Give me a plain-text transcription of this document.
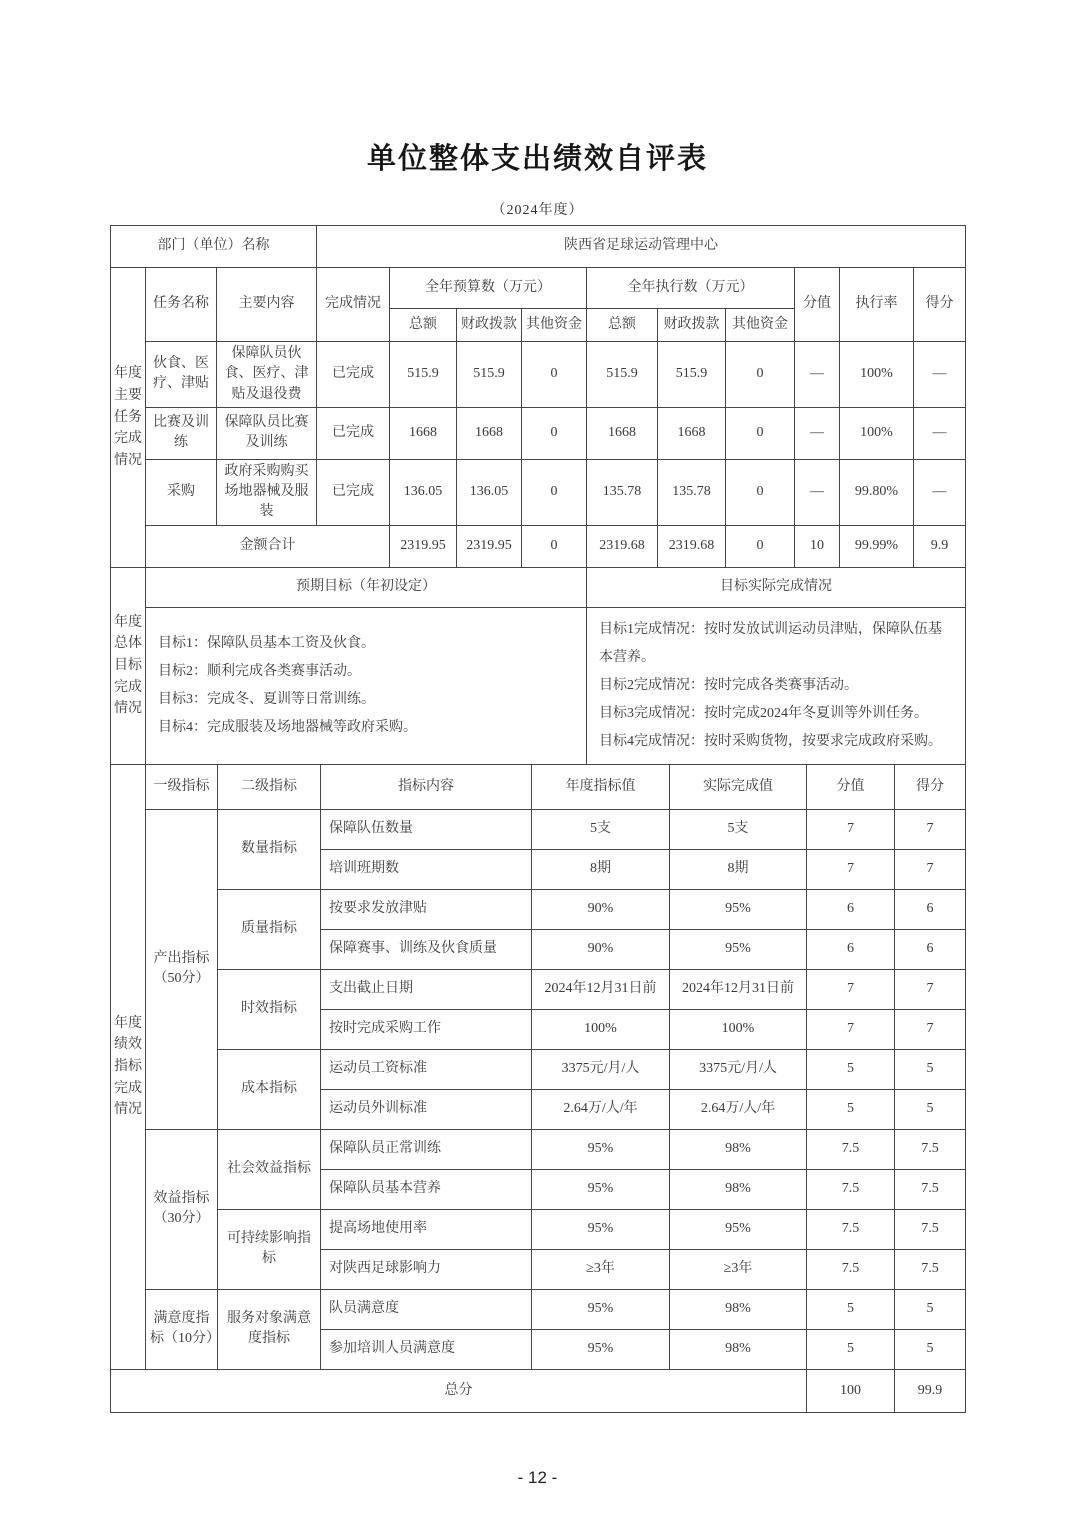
单位整体支出绩效自评表
（2024年度）
部门（单位）名称			陕西省足球运动管理中心									
年度主要任务完成情况	任务名称	主要内容	完成情况	全年预算数（万元）			全年执行数（万元）			分值	执行率	得分
				总额	财政拨款	其他资金	总额	财政拨款	其他资金			
	伙食、医疗、津贴	保障队员伙食、医疗、津贴及退役费	已完成	515.9	515.9	0	515.9	515.9	0	—	100%	—
	比赛及训练	保障队员比赛及训练	已完成	1668	1668	0	1668	1668	0	—	100%	—
	采购	政府采购购买场地器械及服装	已完成	136.05	136.05	0	135.78	135.78	0	—	99.80%	—
	金额合计			2319.95	2319.95	0	2319.68	2319.68	0	10	99.99%	9.9
年度总体目标完成情况	预期目标（年初设定）	目标实际完成情况

目标1：保障队员基本工资及伙食。
目标2：顺利完成各类赛事活动。
目标3：完成冬、夏训等日常训练。
目标4：完成服装及场地器械等政府采购。

目标1完成情况：按时发放试训运动员津贴，保障队伍基本营养。
目标2完成情况：按时完成各类赛事活动。
目标3完成情况：按时完成2024年冬夏训等外训任务。
目标4完成情况：按时采购货物，按要求完成政府采购。
年度绩效指标完成情况	一级指标	二级指标	指标内容	年度指标值	实际完成值	分值	得分
	产出指标（50分）	数量指标	保障队伍数量	5支	5支	7	7
			培训班期数	8期	8期	7	7
		质量指标	按要求发放津贴	90%	95%	6	6
			保障赛事、训练及伙食质量	90%	95%	6	6
		时效指标	支出截止日期	2024年12月31日前	2024年12月31日前	7	7
			按时完成采购工作	100%	100%	7	7
		成本指标	运动员工资标准	3375元/月/人	3375元/月/人	5	5
			运动员外训标准	2.64万/人/年	2.64万/人/年	5	5
	效益指标（30分）	社会效益指标	保障队员正常训练	95%	98%	7.5	7.5
			保障队员基本营养	95%	98%	7.5	7.5
		可持续影响指标	提高场地使用率	95%	95%	7.5	7.5
			对陕西足球影响力	≥3年	≥3年	7.5	7.5
	满意度指标（10分）	服务对象满意度指标	队员满意度	95%	98%	5	5
			参加培训人员满意度	95%	98%	5	5
总分						100	99.9
- 12 -
